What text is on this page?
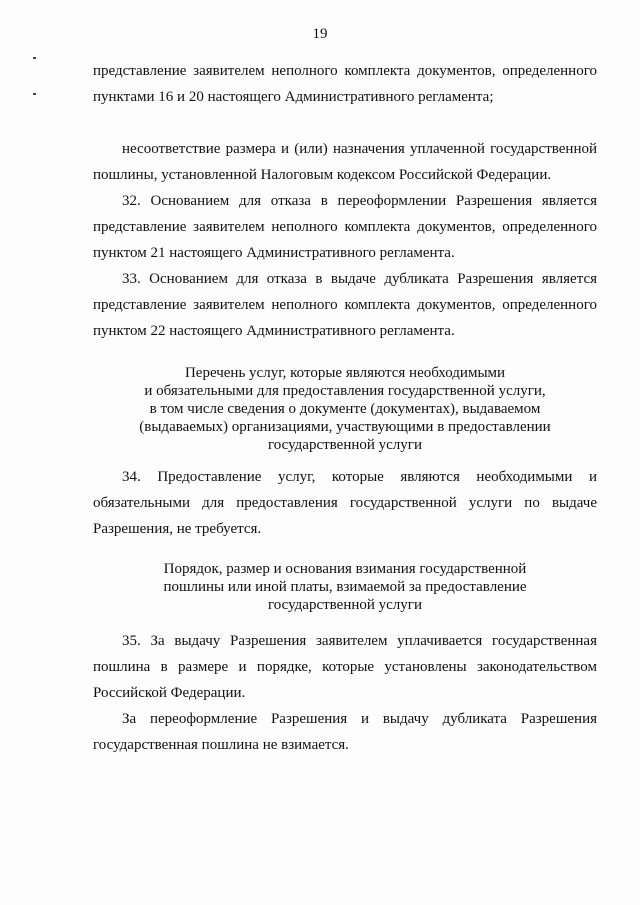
19

представление заявителем неполного комплекта документов, определенного пунктами 16 и 20 настоящего Административного регламента;

несоответствие размера и (или) назначения уплаченной государственной пошлины, установленной Налоговым кодексом Российской Федерации.

32. Основанием для отказа в переоформлении Разрешения является представление заявителем неполного комплекта документов, определенного пунктом 21 настоящего Административного регламента.

33. Основанием для отказа в выдаче дубликата Разрешения является представление заявителем неполного комплекта документов, определенного пунктом 22 настоящего Административного регламента.

Перечень услуг, которые являются необходимыми
и обязательными для предоставления государственной услуги,
в том числе сведения о документе (документах), выдаваемом
(выдаваемых) организациями, участвующими в предоставлении
государственной услуги

34. Предоставление услуг, которые являются необходимыми и обязательными для предоставления государственной услуги по выдаче Разрешения, не требуется.

Порядок, размер и основания взимания государственной
пошлины или иной платы, взимаемой за предоставление
государственной услуги

35. За выдачу Разрешения заявителем уплачивается государственная пошлина в размере и порядке, которые установлены законодательством Российской Федерации.

За переоформление Разрешения и выдачу дубликата Разрешения государственная пошлина не взимается.
